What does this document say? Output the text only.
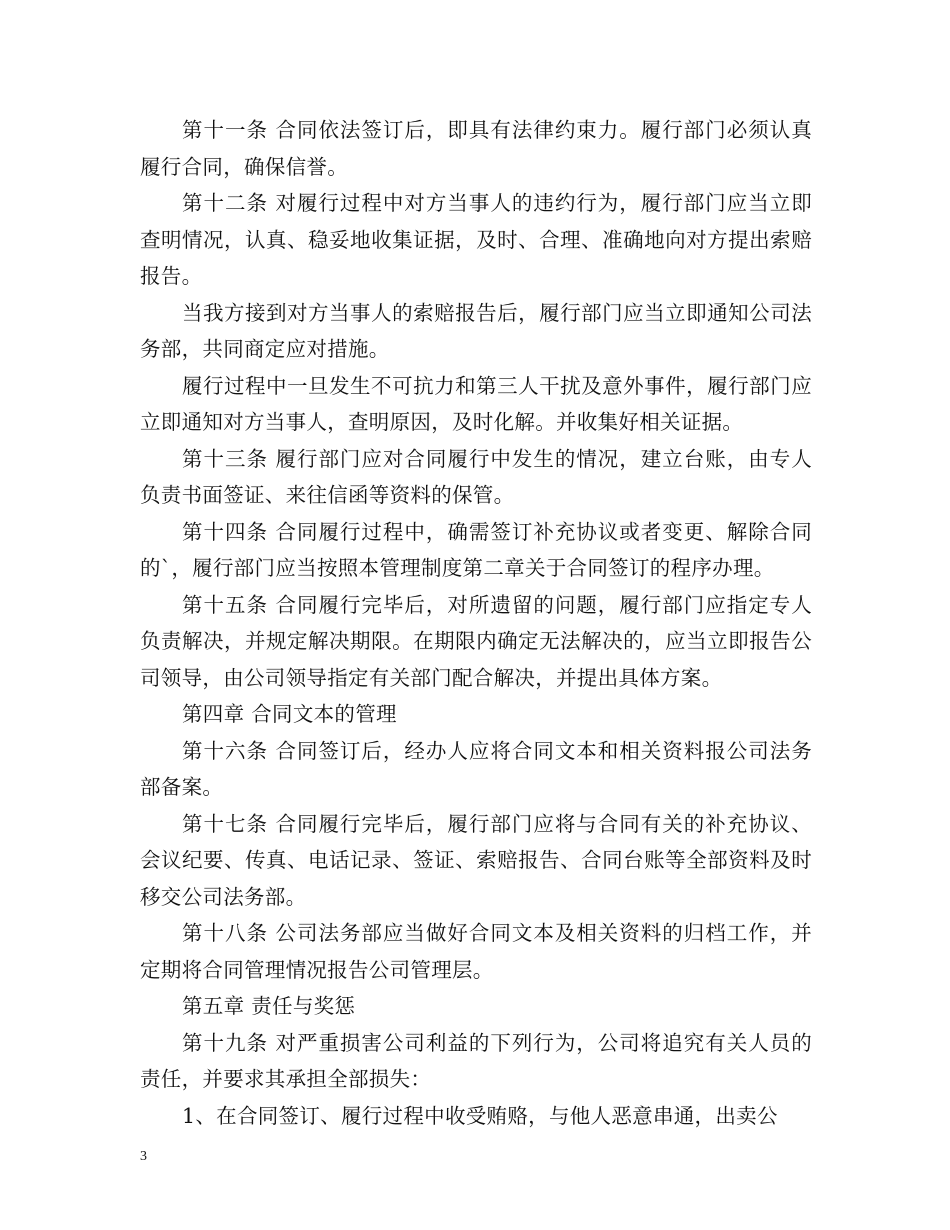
第十一条 合同依法签订后，即具有法律约束力。履行部门必须认真履行合同，确保信誉。

第十二条 对履行过程中对方当事人的违约行为，履行部门应当立即查明情况，认真、稳妥地收集证据，及时、合理、准确地向对方提出索赔报告。

当我方接到对方当事人的索赔报告后，履行部门应当立即通知公司法务部，共同商定应对措施。

履行过程中一旦发生不可抗力和第三人干扰及意外事件，履行部门应立即通知对方当事人，查明原因，及时化解。并收集好相关证据。

第十三条 履行部门应对合同履行中发生的情况，建立台账，由专人负责书面签证、来往信函等资料的保管。

第十四条 合同履行过程中，确需签订补充协议或者变更、解除合同的`，履行部门应当按照本管理制度第二章关于合同签订的程序办理。

第十五条 合同履行完毕后，对所遗留的问题，履行部门应指定专人负责解决，并规定解决期限。在期限内确定无法解决的，应当立即报告公司领导，由公司领导指定有关部门配合解决，并提出具体方案。

第四章 合同文本的管理

第十六条 合同签订后，经办人应将合同文本和相关资料报公司法务部备案。

第十七条 合同履行完毕后，履行部门应将与合同有关的补充协议、会议纪要、传真、电话记录、签证、索赔报告、合同台账等全部资料及时移交公司法务部。

第十八条 公司法务部应当做好合同文本及相关资料的归档工作，并定期将合同管理情况报告公司管理层。

第五章 责任与奖惩

第十九条 对严重损害公司利益的下列行为，公司将追究有关人员的责任，并要求其承担全部损失：

1、在合同签订、履行过程中收受贿赂，与他人恶意串通，出卖公

3
